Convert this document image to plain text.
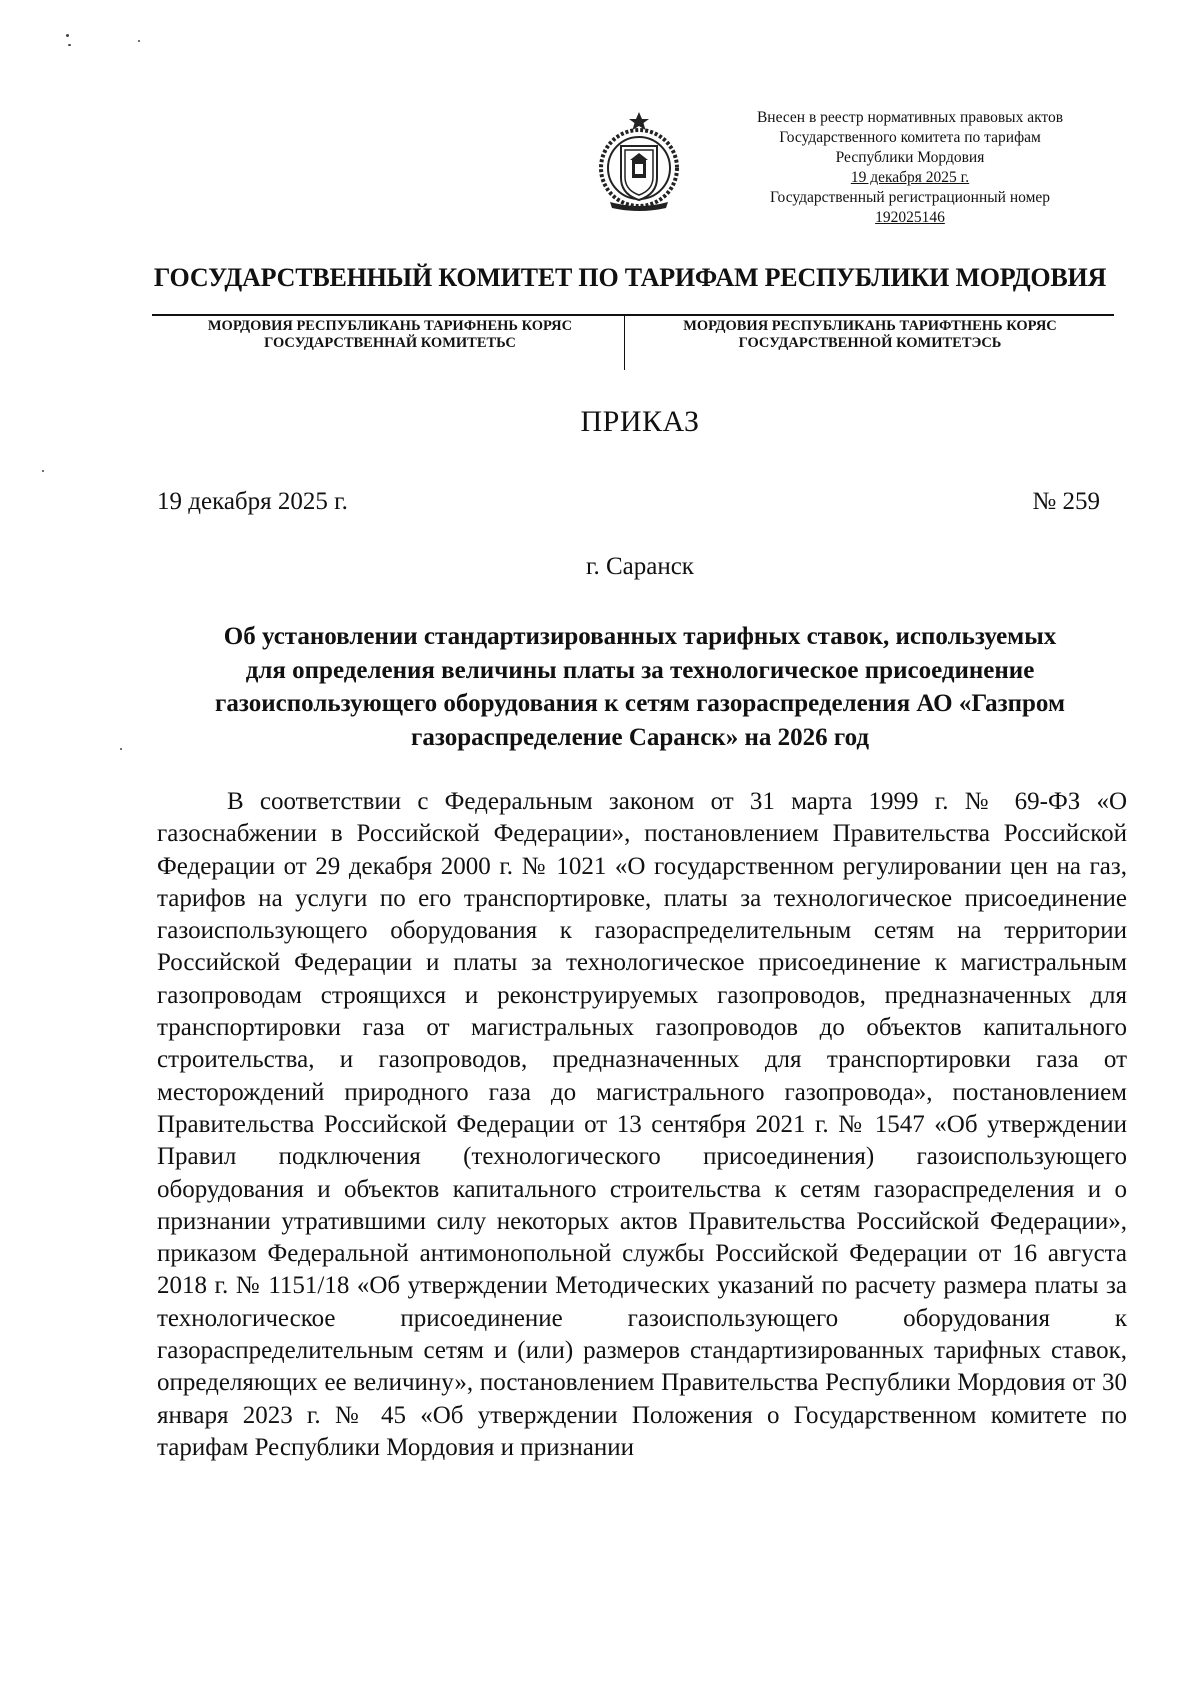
Внесен в реестр нормативных правовых актов
Государственного комитета по тарифам
Республики Мордовия
19 декабря 2025 г.
Государственный регистрационный номер
192025146
ГОСУДАРСТВЕННЫЙ КОМИТЕТ ПО ТАРИФАМ РЕСПУБЛИКИ МОРДОВИЯ
МОРДОВИЯ РЕСПУБЛИКАНЬ ТАРИФНЕНЬ КОРЯС
ГОСУДАРСТВЕННАЙ КОМИТЕТЬС
МОРДОВИЯ РЕСПУБЛИКАНЬ ТАРИФТНЕНЬ КОРЯС
ГОСУДАРСТВЕННОЙ КОМИТЕТЭСЬ
ПРИКАЗ
19 декабря 2025 г.	№ 259
г. Саранск
Об установлении стандартизированных тарифных ставок, используемых
для определения величины платы за технологическое присоединение
газоиспользующего оборудования к сетям газораспределения АО «Газпром
газораспределение Саранск» на 2026 год

В соответствии с Федеральным законом от 31 марта 1999 г. № 69-ФЗ «О газоснабжении в Российской Федерации», постановлением Правительства Российской Федерации от 29 декабря 2000 г. № 1021 «О государственном регулировании цен на газ, тарифов на услуги по его транспортировке, платы за технологическое присоединение газоиспользующего оборудования к газораспределительным сетям на территории Российской Федерации и платы за технологическое присоединение к магистральным газопроводам строящихся и реконструируемых газопроводов, предназначенных для транспортировки газа от магистральных газопроводов до объектов капитального строительства, и газопроводов, предназначенных для транспортировки газа от месторождений природного газа до магистрального газопровода», постановлением Правительства Российской Федерации от 13 сентября 2021 г. № 1547 «Об утверждении Правил подключения (технологического присоединения) газоиспользующего оборудования и объектов капитального строительства к сетям газораспределения и о признании утратившими силу некоторых актов Правительства Российской Федерации», приказом Федеральной антимонопольной службы Российской Федерации от 16 августа 2018 г. № 1151/18 «Об утверждении Методических указаний по расчету размера платы за технологическое присоединение газоиспользующего оборудования к газораспределительным сетям и (или) размеров стандартизированных тарифных ставок, определяющих ее величину», постановлением Правительства Республики Мордовия от 30 января 2023 г. № 45 «Об утверждении Положения о Государственном комитете по тарифам Республики Мордовия и признании
